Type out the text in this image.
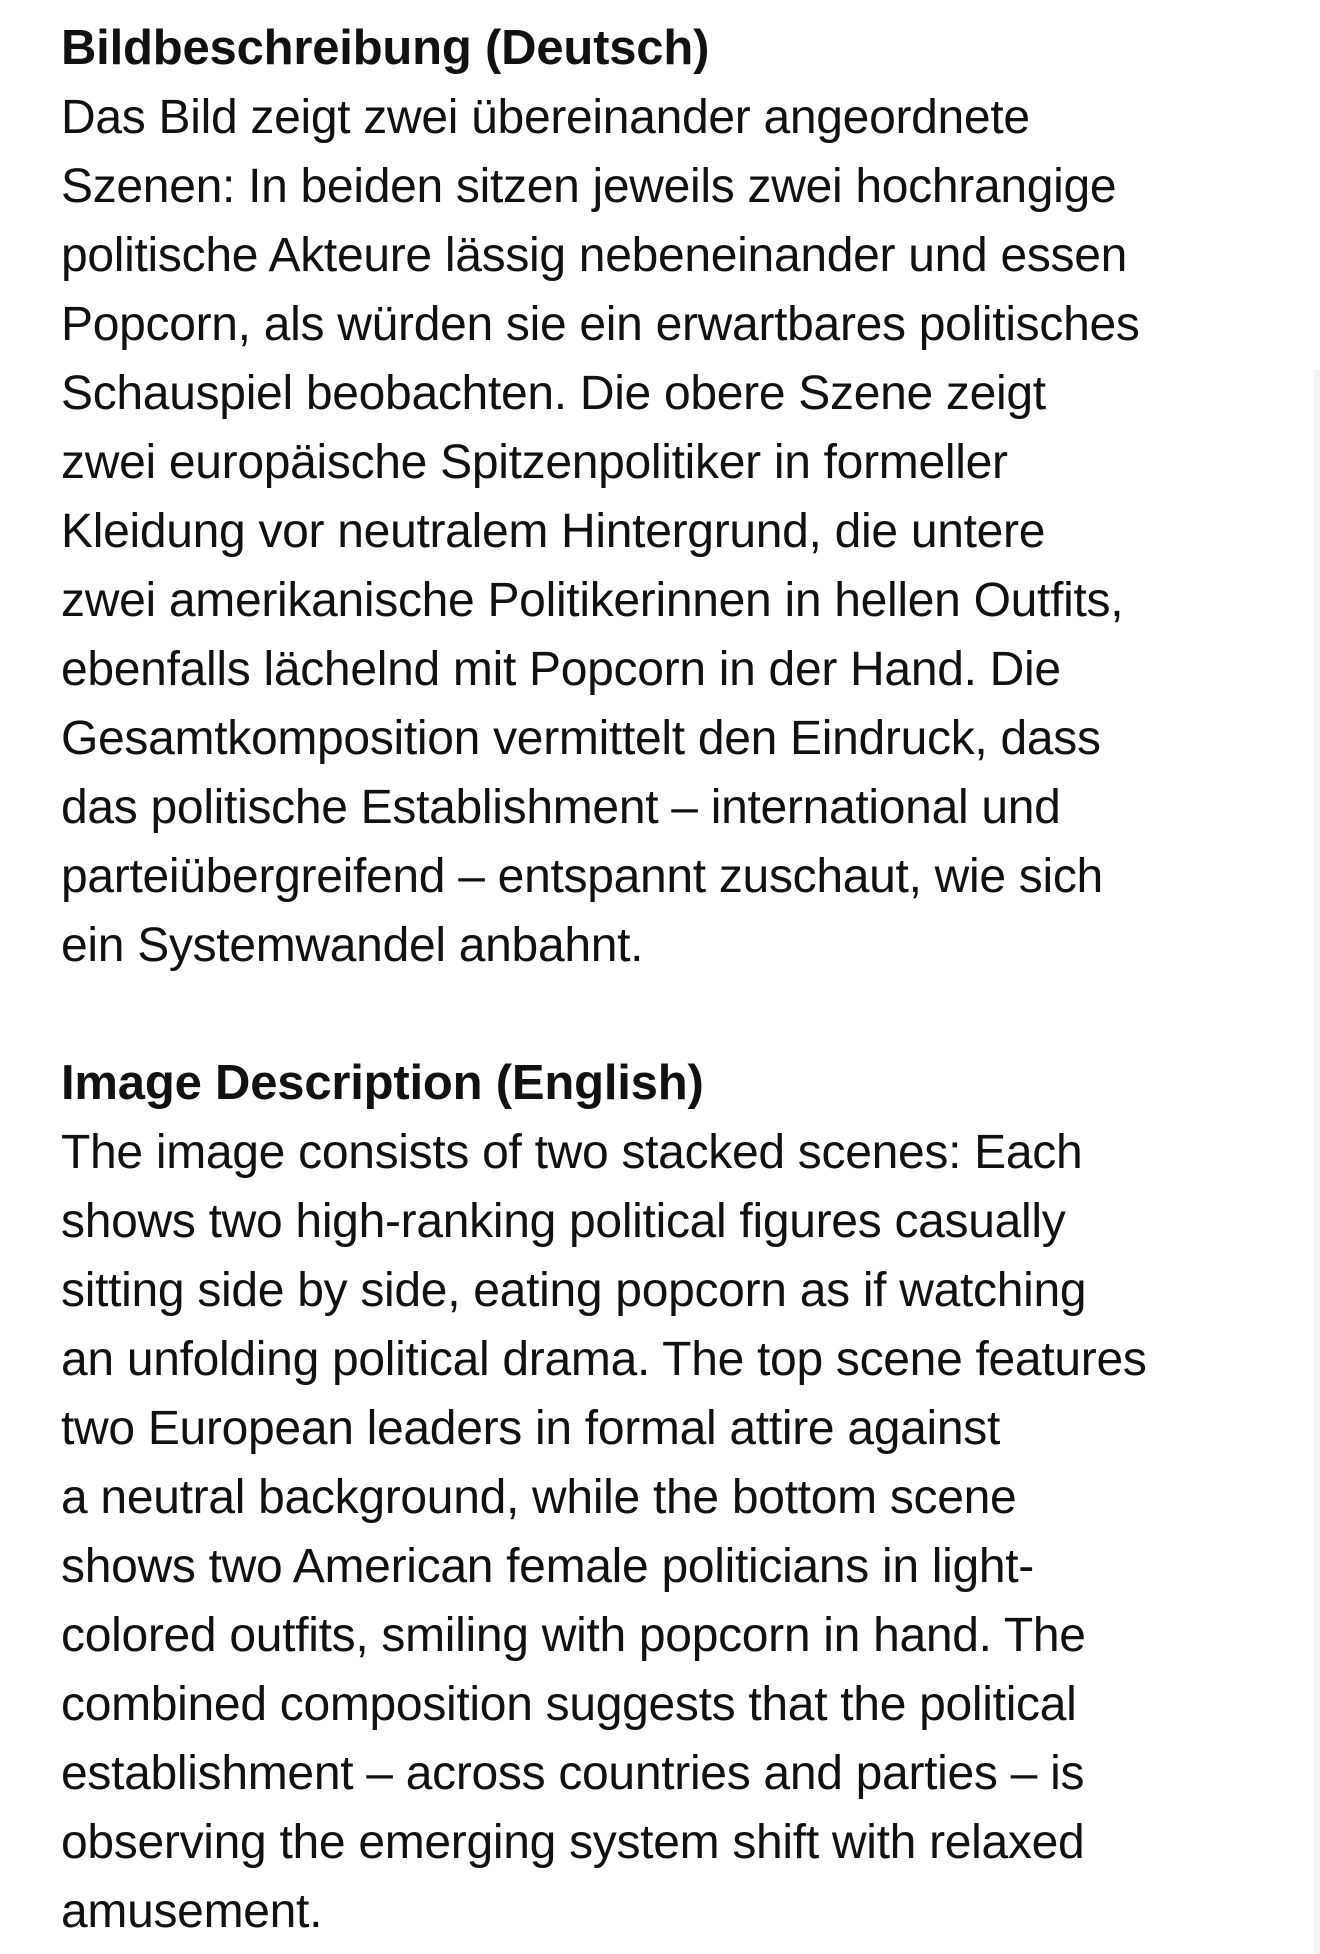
Bildbeschreibung (Deutsch)

Das Bild zeigt zwei übereinander angeordnete

Szenen: In beiden sitzen jeweils zwei hochrangige

politische Akteure lässig nebeneinander und essen

Popcorn, als würden sie ein erwartbares politisches

Schauspiel beobachten. Die obere Szene zeigt

zwei europäische Spitzenpolitiker in formeller

Kleidung vor neutralem Hintergrund, die untere

zwei amerikanische Politikerinnen in hellen Outfits,

ebenfalls lächelnd mit Popcorn in der Hand. Die

Gesamtkomposition vermittelt den Eindruck, dass

das politische Establishment – international und

parteiübergreifend – entspannt zuschaut, wie sich

ein Systemwandel anbahnt.

Image Description (English)

The image consists of two stacked scenes: Each

shows two high-ranking political figures casually

sitting side by side, eating popcorn as if watching

an unfolding political drama. The top scene features

two European leaders in formal attire against

a neutral background, while the bottom scene

shows two American female politicians in light-

colored outfits, smiling with popcorn in hand. The

combined composition suggests that the political

establishment – across countries and parties – is

observing the emerging system shift with relaxed

amusement.
